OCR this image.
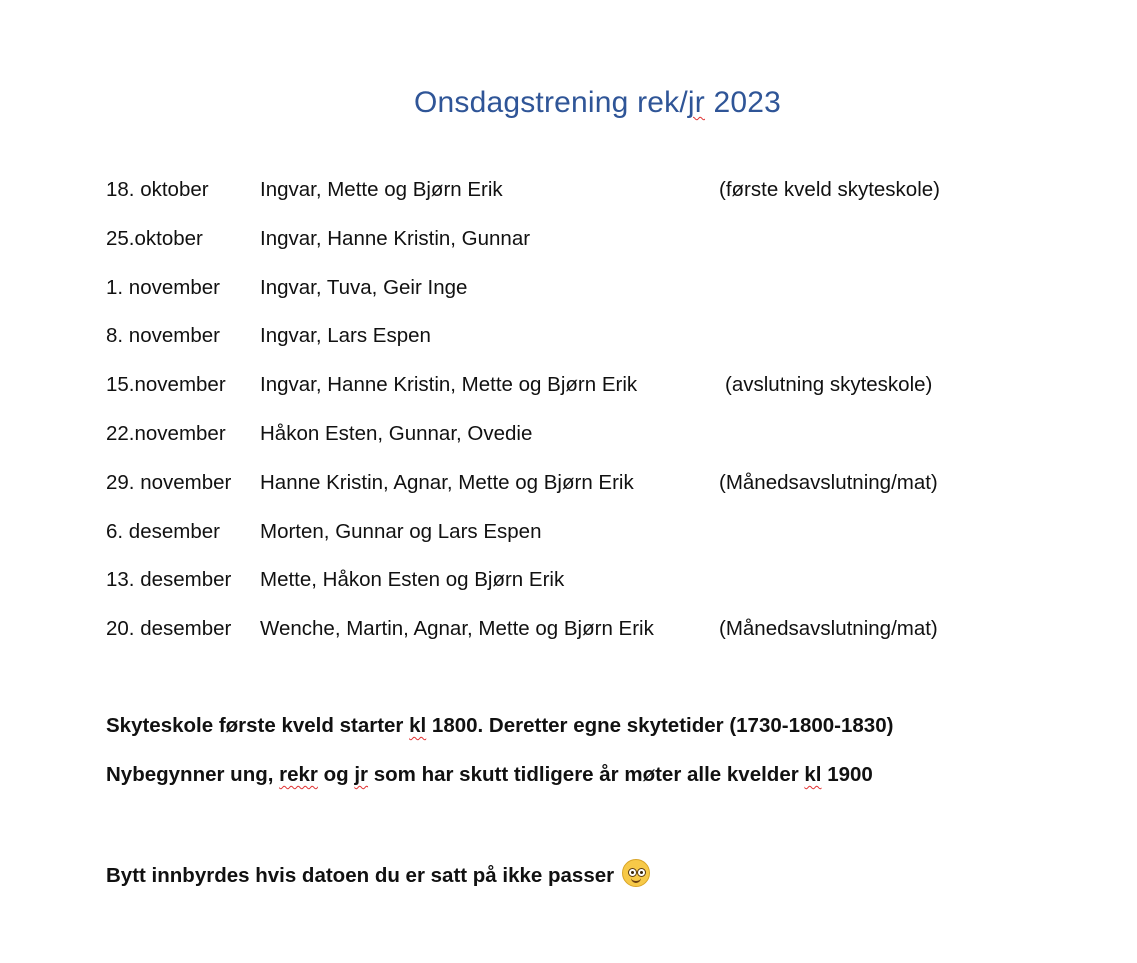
Onsdagstrening rek/jr 2023
18. oktober	Ingvar, Mette og Bjørn Erik	(første kveld skyteskole)
25.oktober	Ingvar, Hanne Kristin, Gunnar
1. november Ingvar, Tuva, Geir Inge
8. november Ingvar, Lars Espen
15.november Ingvar, Hanne Kristin, Mette og Bjørn Erik	(avslutning skyteskole)
22.november Håkon Esten, Gunnar, Ovedie
29. november Hanne Kristin, Agnar, Mette og Bjørn Erik	(Månedsavslutning/mat)
6. desember Morten, Gunnar og Lars Espen
13. desember Mette, Håkon Esten og Bjørn Erik
20. desember Wenche, Martin, Agnar, Mette og Bjørn Erik	(Månedsavslutning/mat)
Skyteskole første kveld starter kl 1800. Deretter egne skytetider (1730-1800-1830)
Nybegynner ung, rekr og jr som har skutt tidligere år møter alle kvelder kl 1900
Bytt innbyrdes hvis datoen du er satt på ikke passer
